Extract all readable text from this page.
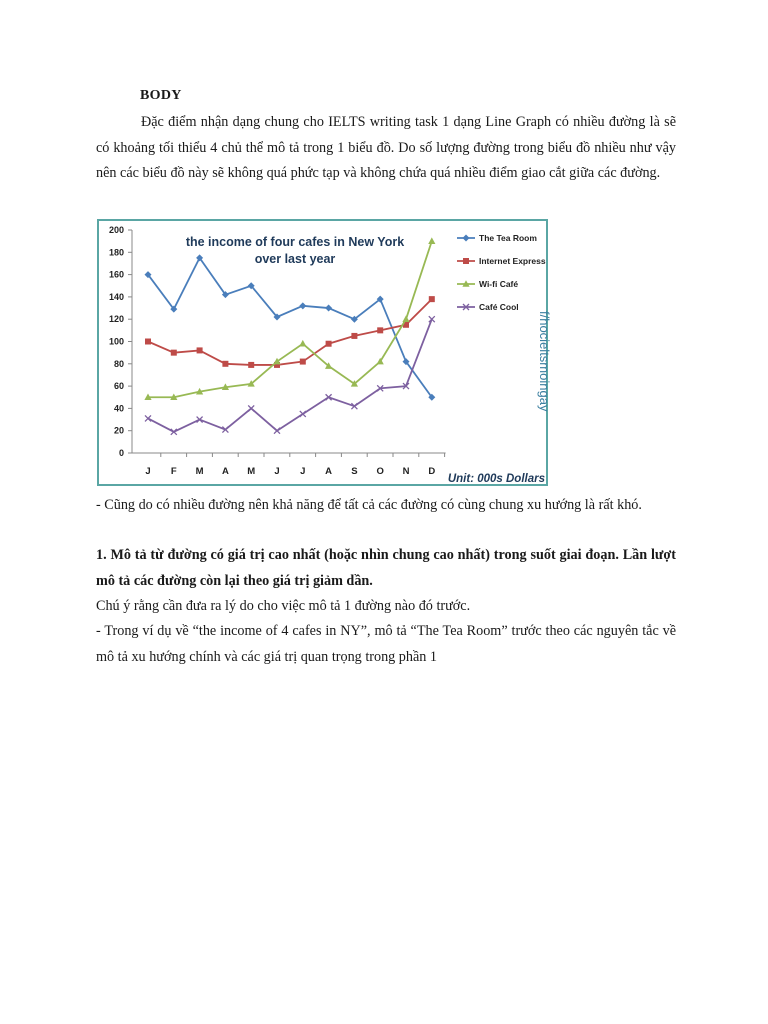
BODY
Đặc điểm nhận dạng chung cho IELTS writing task 1 dạng Line Graph có nhiều đường là sẽ có khoảng tối thiểu 4 chủ thể mô tả trong 1 biểu đồ. Do số lượng đường trong biểu đồ nhiều như vậy nên các biểu đồ này sẽ không quá phức tạp và không chứa quá nhiều điểm giao cắt giữa các đường.
0
20
40
60
80
100
120
140
160
180
200
J F M A M J J A S O N D
The Tea Room
Internet Express
Wi-fi Café
Café Cool
the income of four cafes in New York
over last year
Unit: 000s Dollars
f/hocieltsmoingay
- Cũng do có nhiều đường nên khả năng để tất cả các đường có cùng chung xu hướng là rất khó.
1. Mô tả từ đường có giá trị cao nhất (hoặc nhìn chung cao nhất) trong suốt giai đoạn. Lần lượt mô tả các đường còn lại theo giá trị giảm dần.
Chú ý rằng cần đưa ra lý do cho việc mô tả 1 đường nào đó trước.
- Trong ví dụ về “the income of 4 cafes in NY”, mô tả “The Tea Room” trước theo các nguyên tắc về mô tả xu hướng chính và các giá trị quan trọng trong phần 1
